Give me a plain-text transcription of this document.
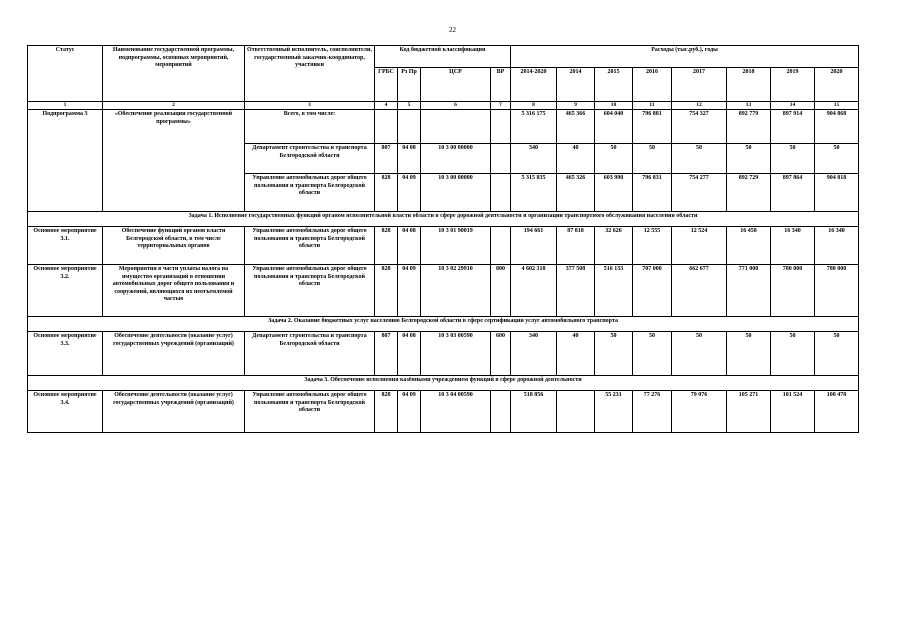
22
Статус	Наименование государственной программы, подпрограммы, основных мероприятий, мероприятий	Ответственный исполнитель, соисполнители, государственный заказчик-координатор, участники	Код бюджетной классификации				Расходы (тыс.руб.), годы							
			ГРБС	Рз Пр	ЦСР	ВР	2014-2020	2014	2015	2016	2017	2018	2019	2020
1	2	3	4	5	6	7	8	9	10	11	12	13	14	15
Подпрограмма 3	«Обеспечение реализации государственной программы»	Всего, в том числе:					5 316 175	465 366	604 040	796 881	754 327	892 779	897 914	904 868
		Департамент строительства и транспорта Белгородской области	807	04 08	10 3 00 00000		340	40	50	50	50	50	50	50
		Управление автомобильных дорог общего пользования и транспорта Белгородской области	828	04 09	10 3 00 00000		5 315 835	465 326	603 990	796 831	754 277	892 729	897 864	904 818
Задача 1. Исполнение государственных функций органом исполнительной власти области в сфере дорожной деятельности и организации транспортного обслуживания населения области														
Основное мероприятие 3.1.	Обеспечение функций органов власти Белгородской области, в том числе территориальных органов	Управление автомобильных дорог общего пользования и транспорта Белгородской области	828	04 08	10 3 01 90019		194 661	87 818	32 626	12 555	12 524	16 458	16 340	16 340
Основное мероприятие 3.2.	Мероприятия в части уплаты налога на имущество организаций в отношении автомобильных дорог общего пользования и сооружений, являющихся их неотъемлемой частью	Управление автомобильных дорог общего пользования и транспорта Белгородской области	828	04 09	10 3 02 29910	800	4 602 318	377 508	516 133	707 000	662 677	771 000	780 000	788 000
Задача 2. Оказание бюджетных услуг населению Белгородской области в сфере сертификации услуг автомобильного транспорта														
Основное мероприятие 3.3.	Обеспечение деятельности (оказание услуг) государственных учреждений (организаций)	Департамент строительства и транспорта Белгородской области	807	04 08	10 3 03 00590	600	340	40	50	50	50	50	50	50
Задача 3. Обеспечение исполнения казёнными учреждением функций в сфере дорожной деятельности														
Основное мероприятие 3.4.	Обеспечение деятельности (оказание услуг) государственных учреждений (организаций)	Управление автомобильных дорог общего пользования и транспорта Белгородской области	828	04 09	10 3 04 00590		518 856		55 231	77 276	79 076	105 271	101 524	100 478
